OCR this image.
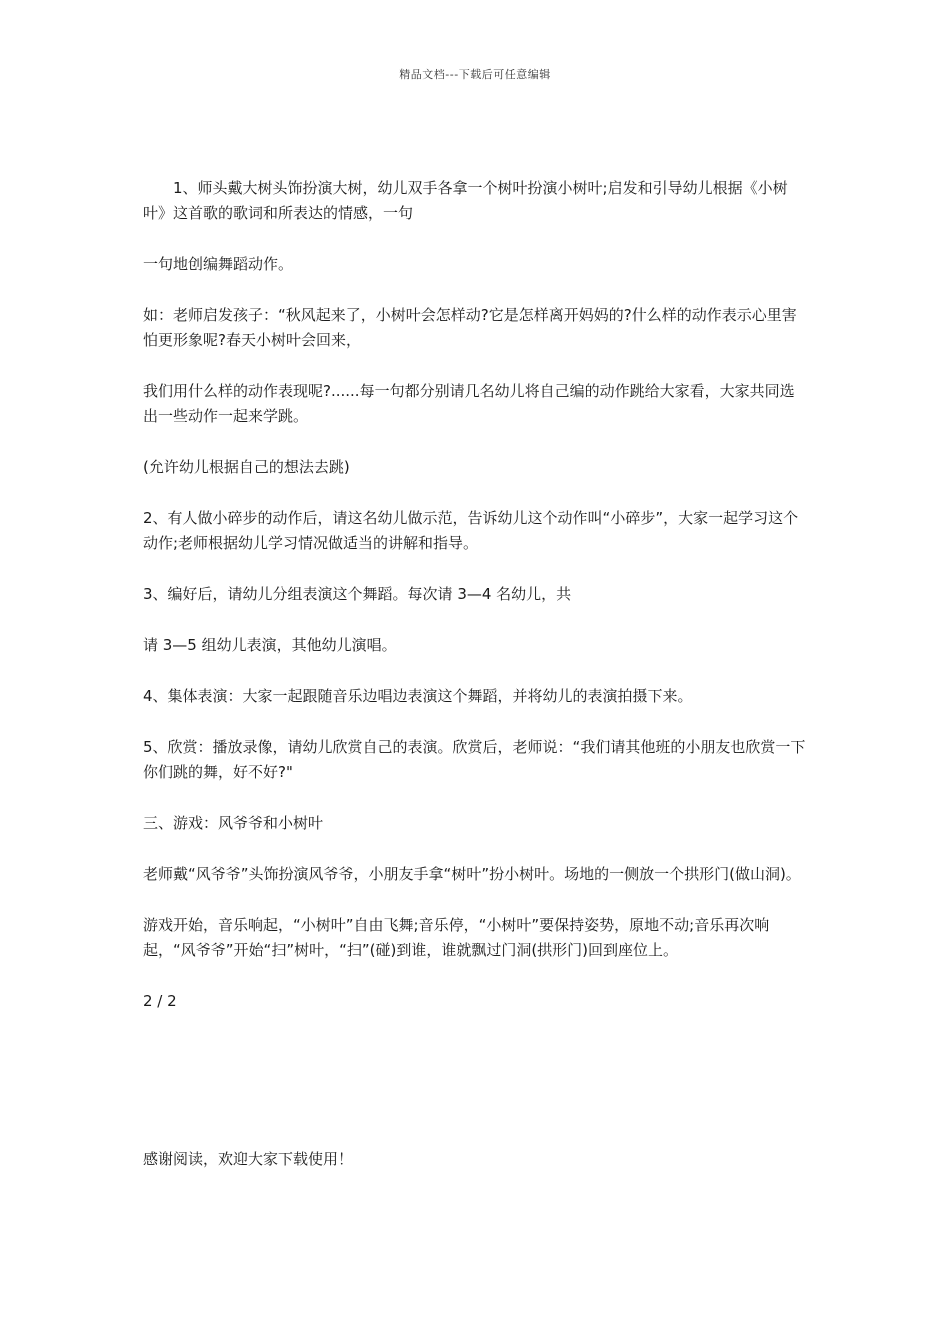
精品文档---下载后可任意编辑

1、师头戴大树头饰扮演大树，幼儿双手各拿一个树叶扮演小树叶;启发和引导幼儿根据《小树叶》这首歌的歌词和所表达的情感，一句

一句地创编舞蹈动作。

如：老师启发孩子：“秋风起来了，小树叶会怎样动?它是怎样离开妈妈的?什么样的动作表示心里害怕更形象呢?春天小树叶会回来，

我们用什么样的动作表现呢?......每一句都分别请几名幼儿将自己编的动作跳给大家看，大家共同选出一些动作一起来学跳。

(允许幼儿根据自己的想法去跳)

2、有人做小碎步的动作后，请这名幼儿做示范，告诉幼儿这个动作叫“小碎步”，大家一起学习这个动作;老师根据幼儿学习情况做适当的讲解和指导。

3、编好后，请幼儿分组表演这个舞蹈。每次请 3—4 名幼儿，共

请 3—5 组幼儿表演，其他幼儿演唱。

4、集体表演：大家一起跟随音乐边唱边表演这个舞蹈，并将幼儿的表演拍摄下来。

5、欣赏：播放录像，请幼儿欣赏自己的表演。欣赏后，老师说：“我们请其他班的小朋友也欣赏一下你们跳的舞，好不好?"

三、游戏：风爷爷和小树叶

老师戴“风爷爷”头饰扮演风爷爷，小朋友手拿“树叶”扮小树叶。场地的一侧放一个拱形门(做山洞)。

游戏开始，音乐响起，“小树叶”自由飞舞;音乐停，“小树叶”要保持姿势，原地不动;音乐再次响起，“风爷爷”开始“扫”树叶，“扫”(碰)到谁，谁就飘过门洞(拱形门)回到座位上。

2 / 2

感谢阅读，欢迎大家下载使用！
